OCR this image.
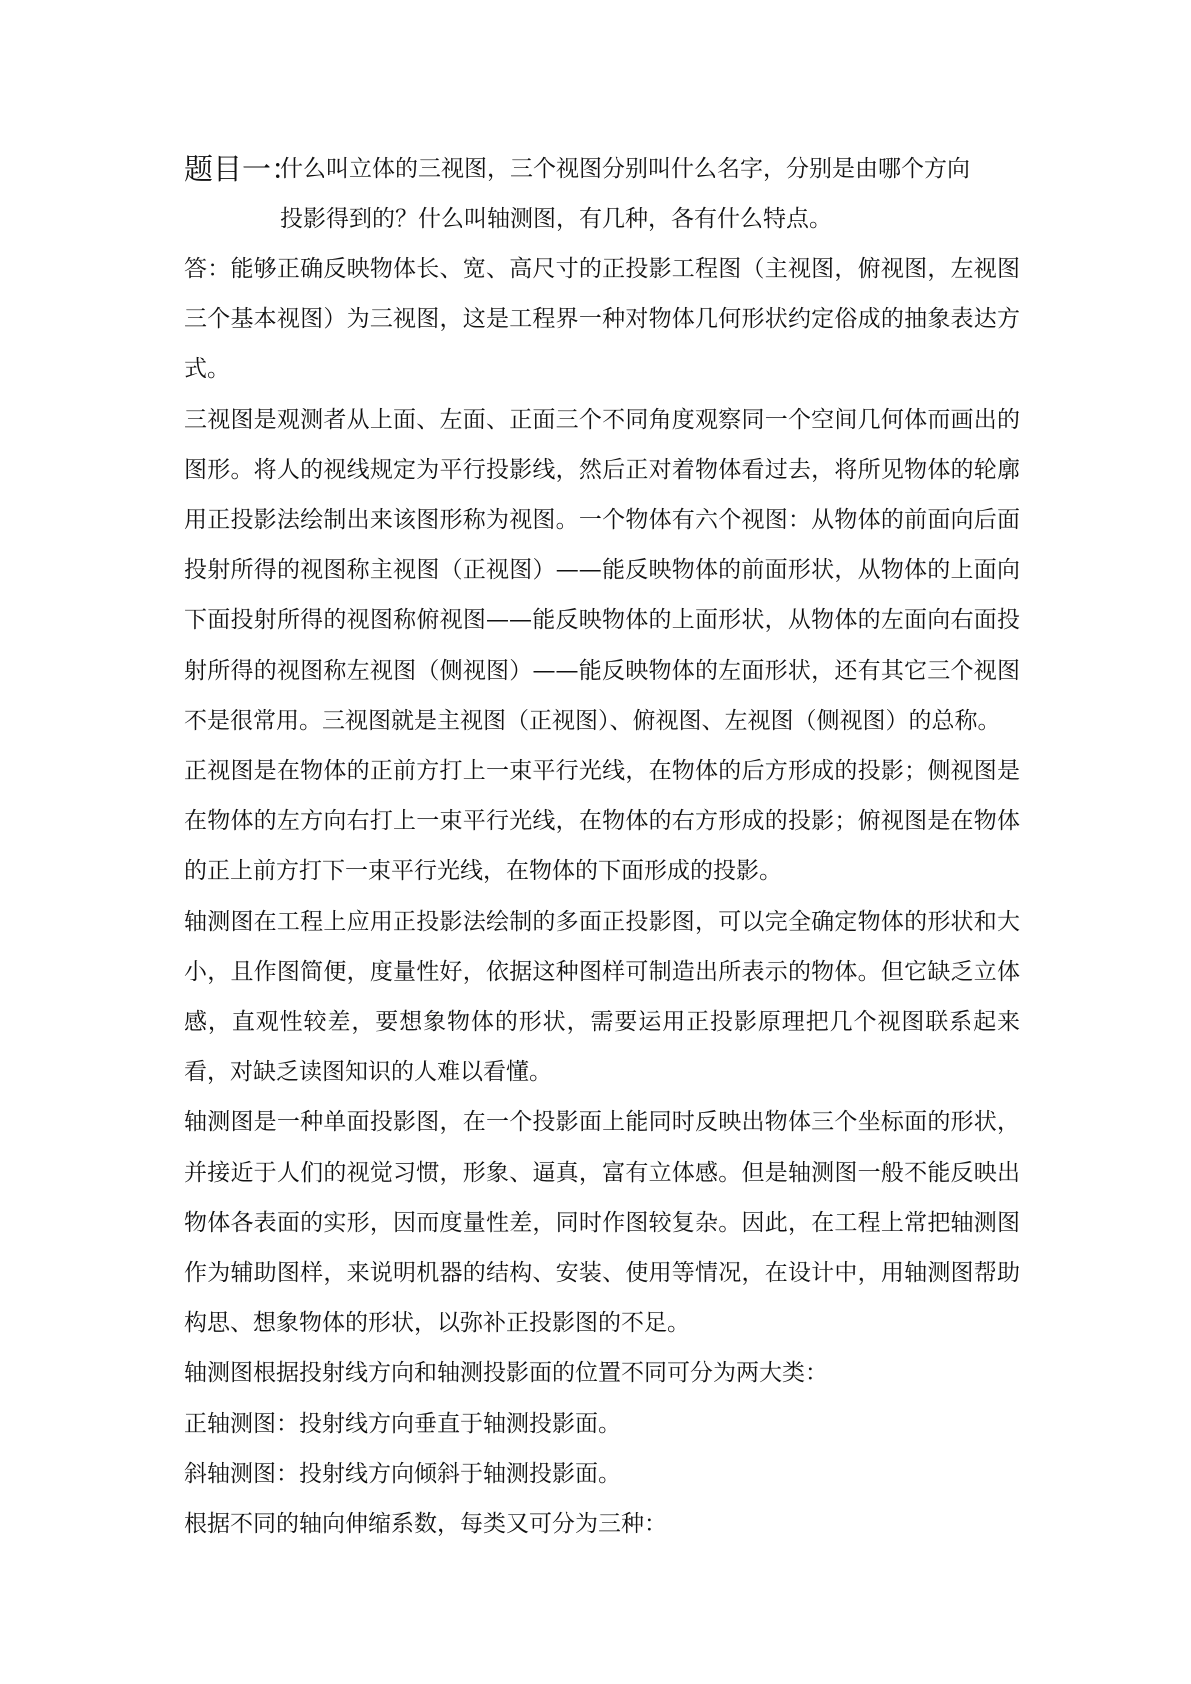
题目一：
什么叫立体的三视图，三个视图分别叫什么名字，分别是由哪个方向
投影得到的？什么叫轴测图，有几种，各有什么特点。

答：能够正确反映物体长、宽、高尺寸的正投影工程图（主视图，俯视图，左视图三个基本视图）为三视图，这是工程界一种对物体几何形状约定俗成的抽象表达方式。

三视图是观测者从上面、左面、正面三个不同角度观察同一个空间几何体而画出的图形。将人的视线规定为平行投影线，然后正对着物体看过去，将所见物体的轮廓用正投影法绘制出来该图形称为视图。一个物体有六个视图：从物体的前面向后面投射所得的视图称主视图（正视图）——能反映物体的前面形状，从物体的上面向下面投射所得的视图称俯视图——能反映物体的上面形状，从物体的左面向右面投射所得的视图称左视图（侧视图）——能反映物体的左面形状，还有其它三个视图不是很常用。三视图就是主视图（正视图）、俯视图、左视图（侧视图）的总称。

正视图是在物体的正前方打上一束平行光线，在物体的后方形成的投影；侧视图是在物体的左方向右打上一束平行光线，在物体的右方形成的投影；俯视图是在物体的正上前方打下一束平行光线，在物体的下面形成的投影。

轴测图在工程上应用正投影法绘制的多面正投影图，可以完全确定物体的形状和大小，且作图简便，度量性好，依据这种图样可制造出所表示的物体。但它缺乏立体感，直观性较差，要想象物体的形状，需要运用正投影原理把几个视图联系起来看，对缺乏读图知识的人难以看懂。

轴测图是一种单面投影图，在一个投影面上能同时反映出物体三个坐标面的形状，并接近于人们的视觉习惯，形象、逼真，富有立体感。但是轴测图一般不能反映出物体各表面的实形，因而度量性差，同时作图较复杂。因此，在工程上常把轴测图作为辅助图样，来说明机器的结构、安装、使用等情况，在设计中，用轴测图帮助构思、想象物体的形状，以弥补正投影图的不足。

轴测图根据投射线方向和轴测投影面的位置不同可分为两大类：

正轴测图：投射线方向垂直于轴测投影面。

斜轴测图：投射线方向倾斜于轴测投影面。

根据不同的轴向伸缩系数，每类又可分为三种：
